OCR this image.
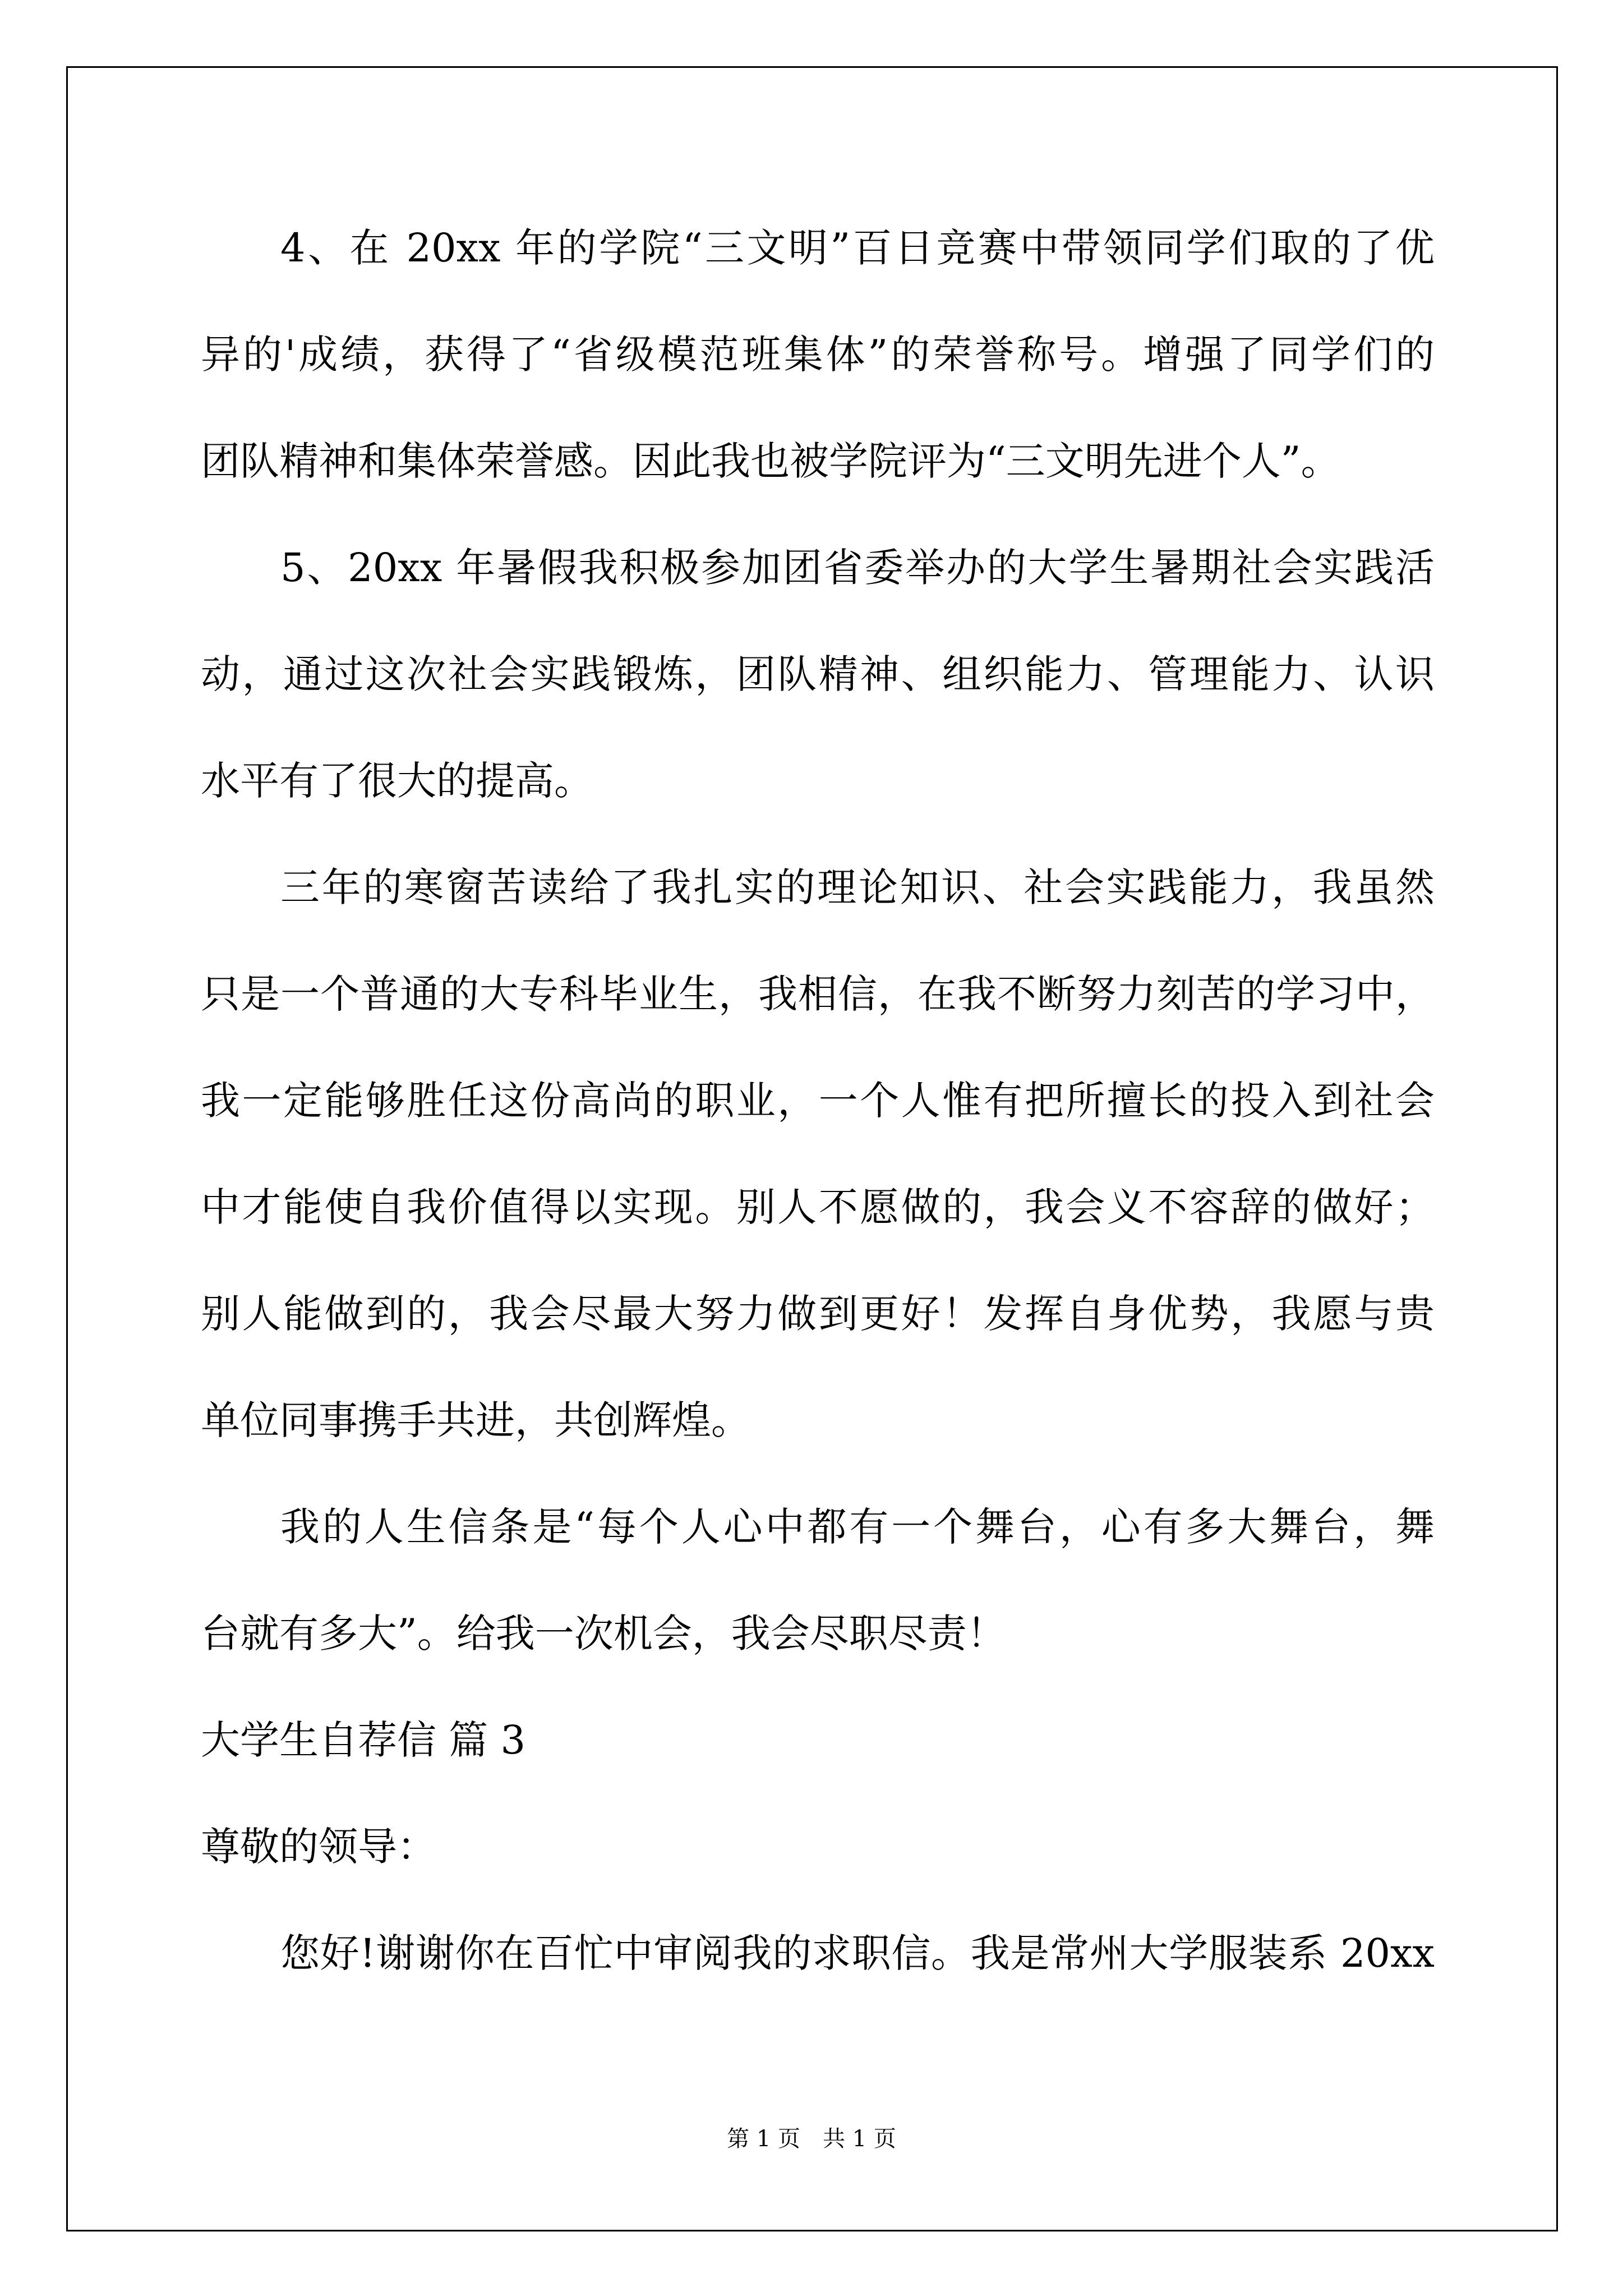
4、在 20xx 年的学院“三文明”百日竞赛中带领同学们取的了优
异的'成绩，获得了“省级模范班集体”的荣誉称号。增强了同学们的
团队精神和集体荣誉感。因此我也被学院评为“三文明先进个人”。
5、20xx 年暑假我积极参加团省委举办的大学生暑期社会实践活
动，通过这次社会实践锻炼，团队精神、组织能力、管理能力、认识
水平有了很大的提高。
三年的寒窗苦读给了我扎实的理论知识、社会实践能力，我虽然
只是一个普通的大专科毕业生，我相信，在我不断努力刻苦的学习中，
我一定能够胜任这份高尚的职业，一个人惟有把所擅长的投入到社会
中才能使自我价值得以实现。别人不愿做的，我会义不容辞的做好；
别人能做到的，我会尽最大努力做到更好！发挥自身优势，我愿与贵
单位同事携手共进，共创辉煌。
我的人生信条是“每个人心中都有一个舞台，心有多大舞台，舞
台就有多大”。给我一次机会，我会尽职尽责！
大学生自荐信 篇 3
尊敬的领导：
您好!谢谢你在百忙中审阅我的求职信。我是常州大学服装系 20xx
第 1 页　共 1 页
